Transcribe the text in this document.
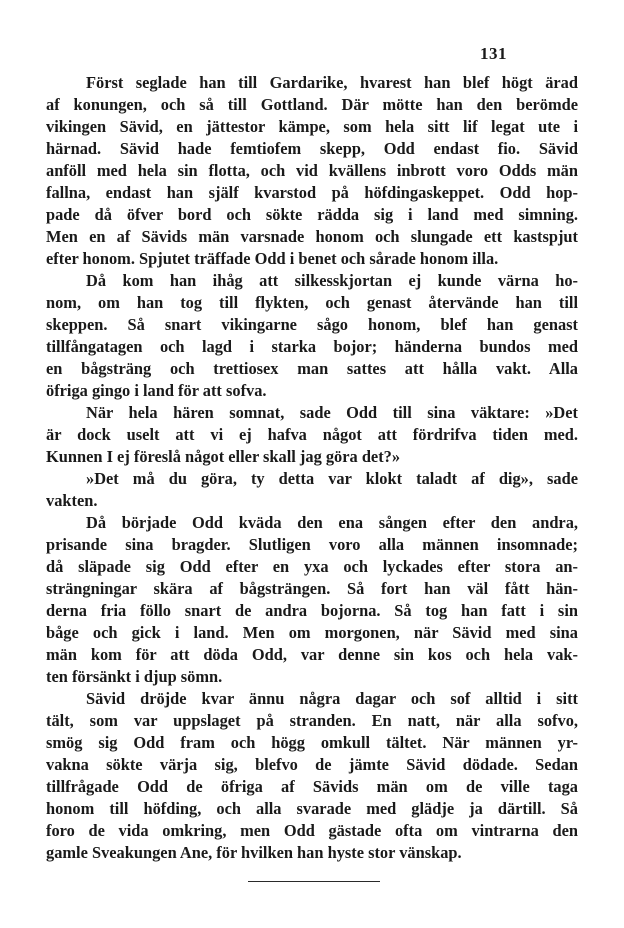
131
Först seglade han till Gardarike, hvarest han blef högt ärad
af konungen, och så till Gottland. Där mötte han den berömde
vikingen Sävid, en jättestor kämpe, som hela sitt lif legat ute i
härnad. Sävid hade femtiofem skepp, Odd endast fio. Sävid
anföll med hela sin flotta, och vid kvällens inbrott voro Odds män
fallna, endast han själf kvarstod på höfdingaskeppet. Odd hop-
pade då öfver bord och sökte rädda sig i land med simning.
Men en af Sävids män varsnade honom och slungade ett kastspjut
efter honom. Spjutet träffade Odd i benet och sårade honom illa.
Då kom han ihåg att silkesskjortan ej kunde värna ho-
nom, om han tog till flykten, och genast återvände han till
skeppen. Så snart vikingarne sågo honom, blef han genast
tillfångatagen och lagd i starka bojor; händerna bundos med
en bågsträng och trettiosex man sattes att hålla vakt. Alla
öfriga gingo i land för att sofva.
När hela hären somnat, sade Odd till sina väktare: »Det
är dock uselt att vi ej hafva något att fördrifva tiden med.
Kunnen I ej föreslå något eller skall jag göra det?»
»Det må du göra, ty detta var klokt taladt af dig», sade
vakten.
Då började Odd kväda den ena sången efter den andra,
prisande sina bragder. Slutligen voro alla männen insomnade;
då släpade sig Odd efter en yxa och lyckades efter stora an-
strängningar skära af bågsträngen. Så fort han väl fått hän-
derna fria föllo snart de andra bojorna. Så tog han fatt i sin
båge och gick i land. Men om morgonen, när Sävid med sina
män kom för att döda Odd, var denne sin kos och hela vak-
ten försänkt i djup sömn.
Sävid dröjde kvar ännu några dagar och sof alltid i sitt
tält, som var uppslaget på stranden. En natt, när alla sofvo,
smög sig Odd fram och högg omkull tältet. När männen yr-
vakna sökte värja sig, blefvo de jämte Sävid dödade. Sedan
tillfrågade Odd de öfriga af Sävids män om de ville taga
honom till höfding, och alla svarade med glädje ja därtill. Så
foro de vida omkring, men Odd gästade ofta om vintrarna den
gamle Sveakungen Ane, för hvilken han hyste stor vänskap.
